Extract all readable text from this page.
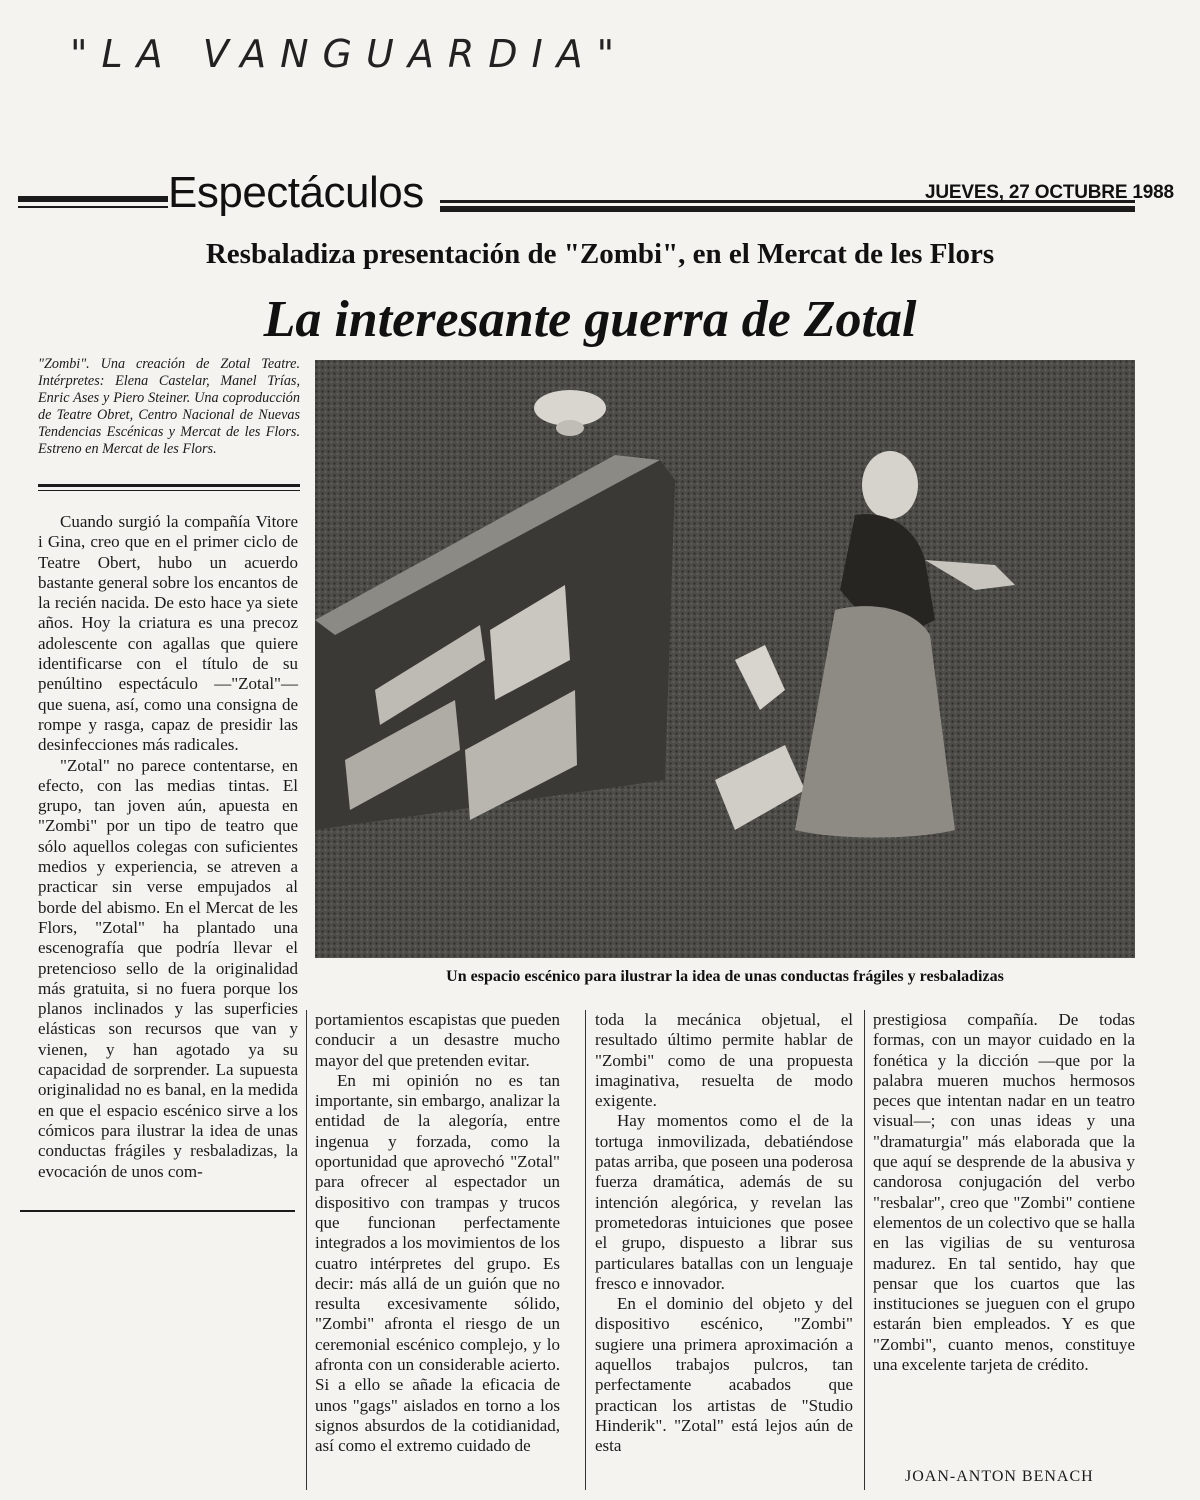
"LA VANGUARDIA"
Espectáculos	JUEVES, 27 OCTUBRE 1988
Resbaladiza presentación de "Zombi", en el Mercat de les Flors
La interesante guerra de Zotal
"Zombi". Una creación de Zotal Teatre. Intérpretes: Elena Castelar, Manel Trías, Enric Ases y Piero Steiner. Una coproducción de Teatre Obret, Centro Nacional de Nuevas Tendencias Escénicas y Mercat de les Flors. Estreno en Mercat de les Flors.
Un espacio escénico para ilustrar la idea de unas conductas frágiles y resbaladizas

Cuando surgió la compañía Vitore i Gina, creo que en el primer ciclo de Teatre Obert, hubo un acuerdo bastante general sobre los encantos de la recién nacida. De esto hace ya siete años. Hoy la criatura es una precoz adolescente con agallas que quiere identificarse con el título de su penúltino espectáculo —"Zotal"— que suena, así, como una consigna de rompe y rasga, capaz de presidir las desinfecciones más radicales.

"Zotal" no parece contentarse, en efecto, con las medias tintas. El grupo, tan joven aún, apuesta en "Zombi" por un tipo de teatro que sólo aquellos colegas con suficientes medios y experiencia, se atreven a practicar sin verse empujados al borde del abismo. En el Mercat de les Flors, "Zotal" ha plantado una escenografía que podría llevar el pretencioso sello de la originalidad más gratuita, si no fuera porque los planos inclinados y las superficies elásticas son recursos que van y vienen, y han agotado ya su capacidad de sorprender. La supuesta originalidad no es banal, en la medida en que el espacio escénico sirve a los cómicos para ilustrar la idea de unas conductas frágiles y resbaladizas, la evocación de unos com-

portamientos escapistas que pueden conducir a un desastre mucho mayor del que pretenden evitar.

En mi opinión no es tan importante, sin embargo, analizar la entidad de la alegoría, entre ingenua y forzada, como la oportunidad que aprovechó "Zotal" para ofrecer al espectador un dispositivo con trampas y trucos que funcionan perfectamente integrados a los movimientos de los cuatro intérpretes del grupo. Es decir: más allá de un guión que no resulta excesivamente sólido, "Zombi" afronta el riesgo de un ceremonial escénico complejo, y lo afronta con un considerable acierto. Si a ello se añade la eficacia de unos "gags" aislados en torno a los signos absurdos de la cotidianidad, así como el extremo cuidado de

toda la mecánica objetual, el resultado último permite hablar de "Zombi" como de una propuesta imaginativa, resuelta de modo exigente.

Hay momentos como el de la tortuga inmovilizada, debatiéndose patas arriba, que poseen una poderosa fuerza dramática, además de su intención alegórica, y revelan las prometedoras intuiciones que posee el grupo, dispuesto a librar sus particulares batallas con un lenguaje fresco e innovador.

En el dominio del objeto y del dispositivo escénico, "Zombi" sugiere una primera aproximación a aquellos trabajos pulcros, tan perfectamente acabados que practican los artistas de "Studio Hinderik". "Zotal" está lejos aún de esta

prestigiosa compañía. De todas formas, con un mayor cuidado en la fonética y la dicción —que por la palabra mueren muchos hermosos peces que intentan nadar en un teatro visual—; con unas ideas y una "dramaturgia" más elaborada que la que aquí se desprende de la abusiva y candorosa conjugación del verbo "resbalar", creo que "Zombi" contiene elementos de un colectivo que se halla en las vigilias de su venturosa madurez. En tal sentido, hay que pensar que los cuartos que las instituciones se jueguen con el grupo estarán bien empleados. Y es que "Zombi", cuanto menos, constituye una excelente tarjeta de crédito.

JOAN-ANTON BENACH
